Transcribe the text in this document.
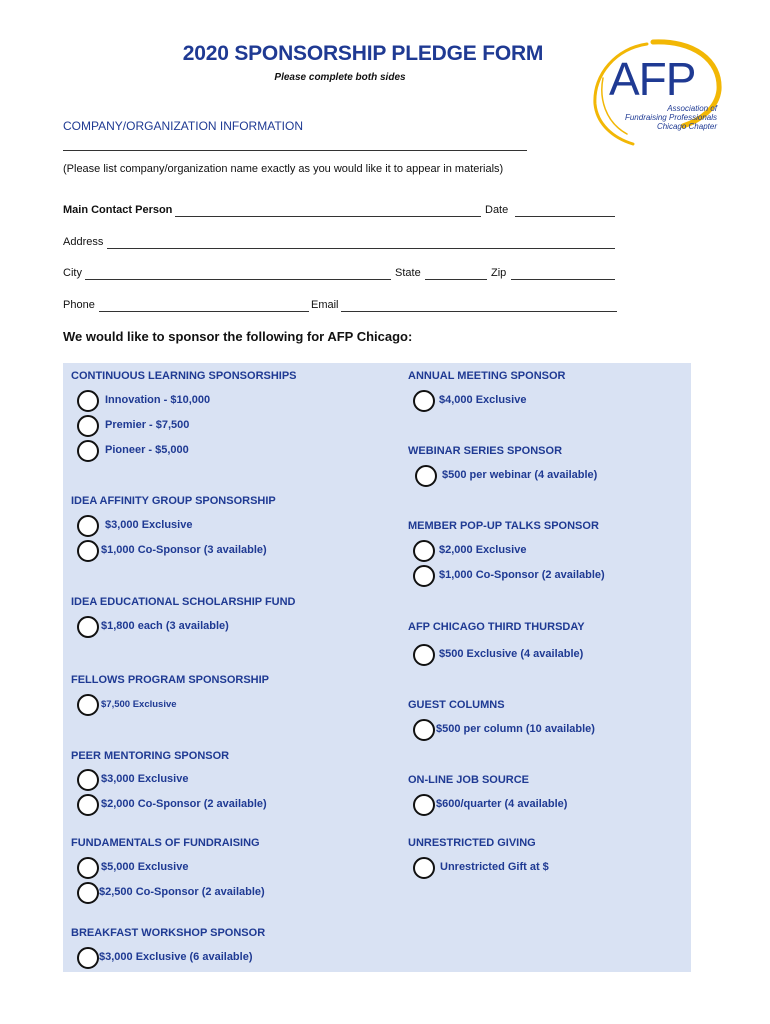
2020 SPONSORSHIP PLEDGE FORM
Please complete both sides	AFP
Association of
Fundraising Professionals
Chicago Chapter
COMPANY/ORGANIZATION INFORMATION
(Please list company/organization name exactly as you would like it to appear in materials)
Main Contact Person	Date
Address
City	State	Zip
Phone	Email
We would like to sponsor the following for AFP Chicago:
CONTINUOUS LEARNING SPONSORSHIPS
Innovation - $10,000
Premier - $7,500
Pioneer - $5,000
IDEA AFFINITY GROUP SPONSORSHIP
$3,000 Exclusive
$1,000 Co-Sponsor (3 available)
IDEA EDUCATIONAL SCHOLARSHIP FUND
$1,800 each (3 available)
FELLOWS PROGRAM SPONSORSHIP
$7,500 Exclusive
PEER MENTORING SPONSOR
$3,000 Exclusive
$2,000 Co-Sponsor (2 available)
FUNDAMENTALS OF FUNDRAISING
$5,000 Exclusive
$2,500 Co-Sponsor (2 available)
BREAKFAST WORKSHOP SPONSOR
$3,000 Exclusive (6 available)
ANNUAL MEETING SPONSOR
$4,000 Exclusive
WEBINAR SERIES SPONSOR
$500 per webinar (4 available)
MEMBER POP-UP TALKS SPONSOR
$2,000 Exclusive
$1,000 Co-Sponsor (2 available)
AFP CHICAGO THIRD THURSDAY
$500 Exclusive (4 available)
GUEST COLUMNS
$500 per column (10 available)
ON-LINE JOB SOURCE
$600/quarter (4 available)
UNRESTRICTED GIVING
Unrestricted Gift at $
